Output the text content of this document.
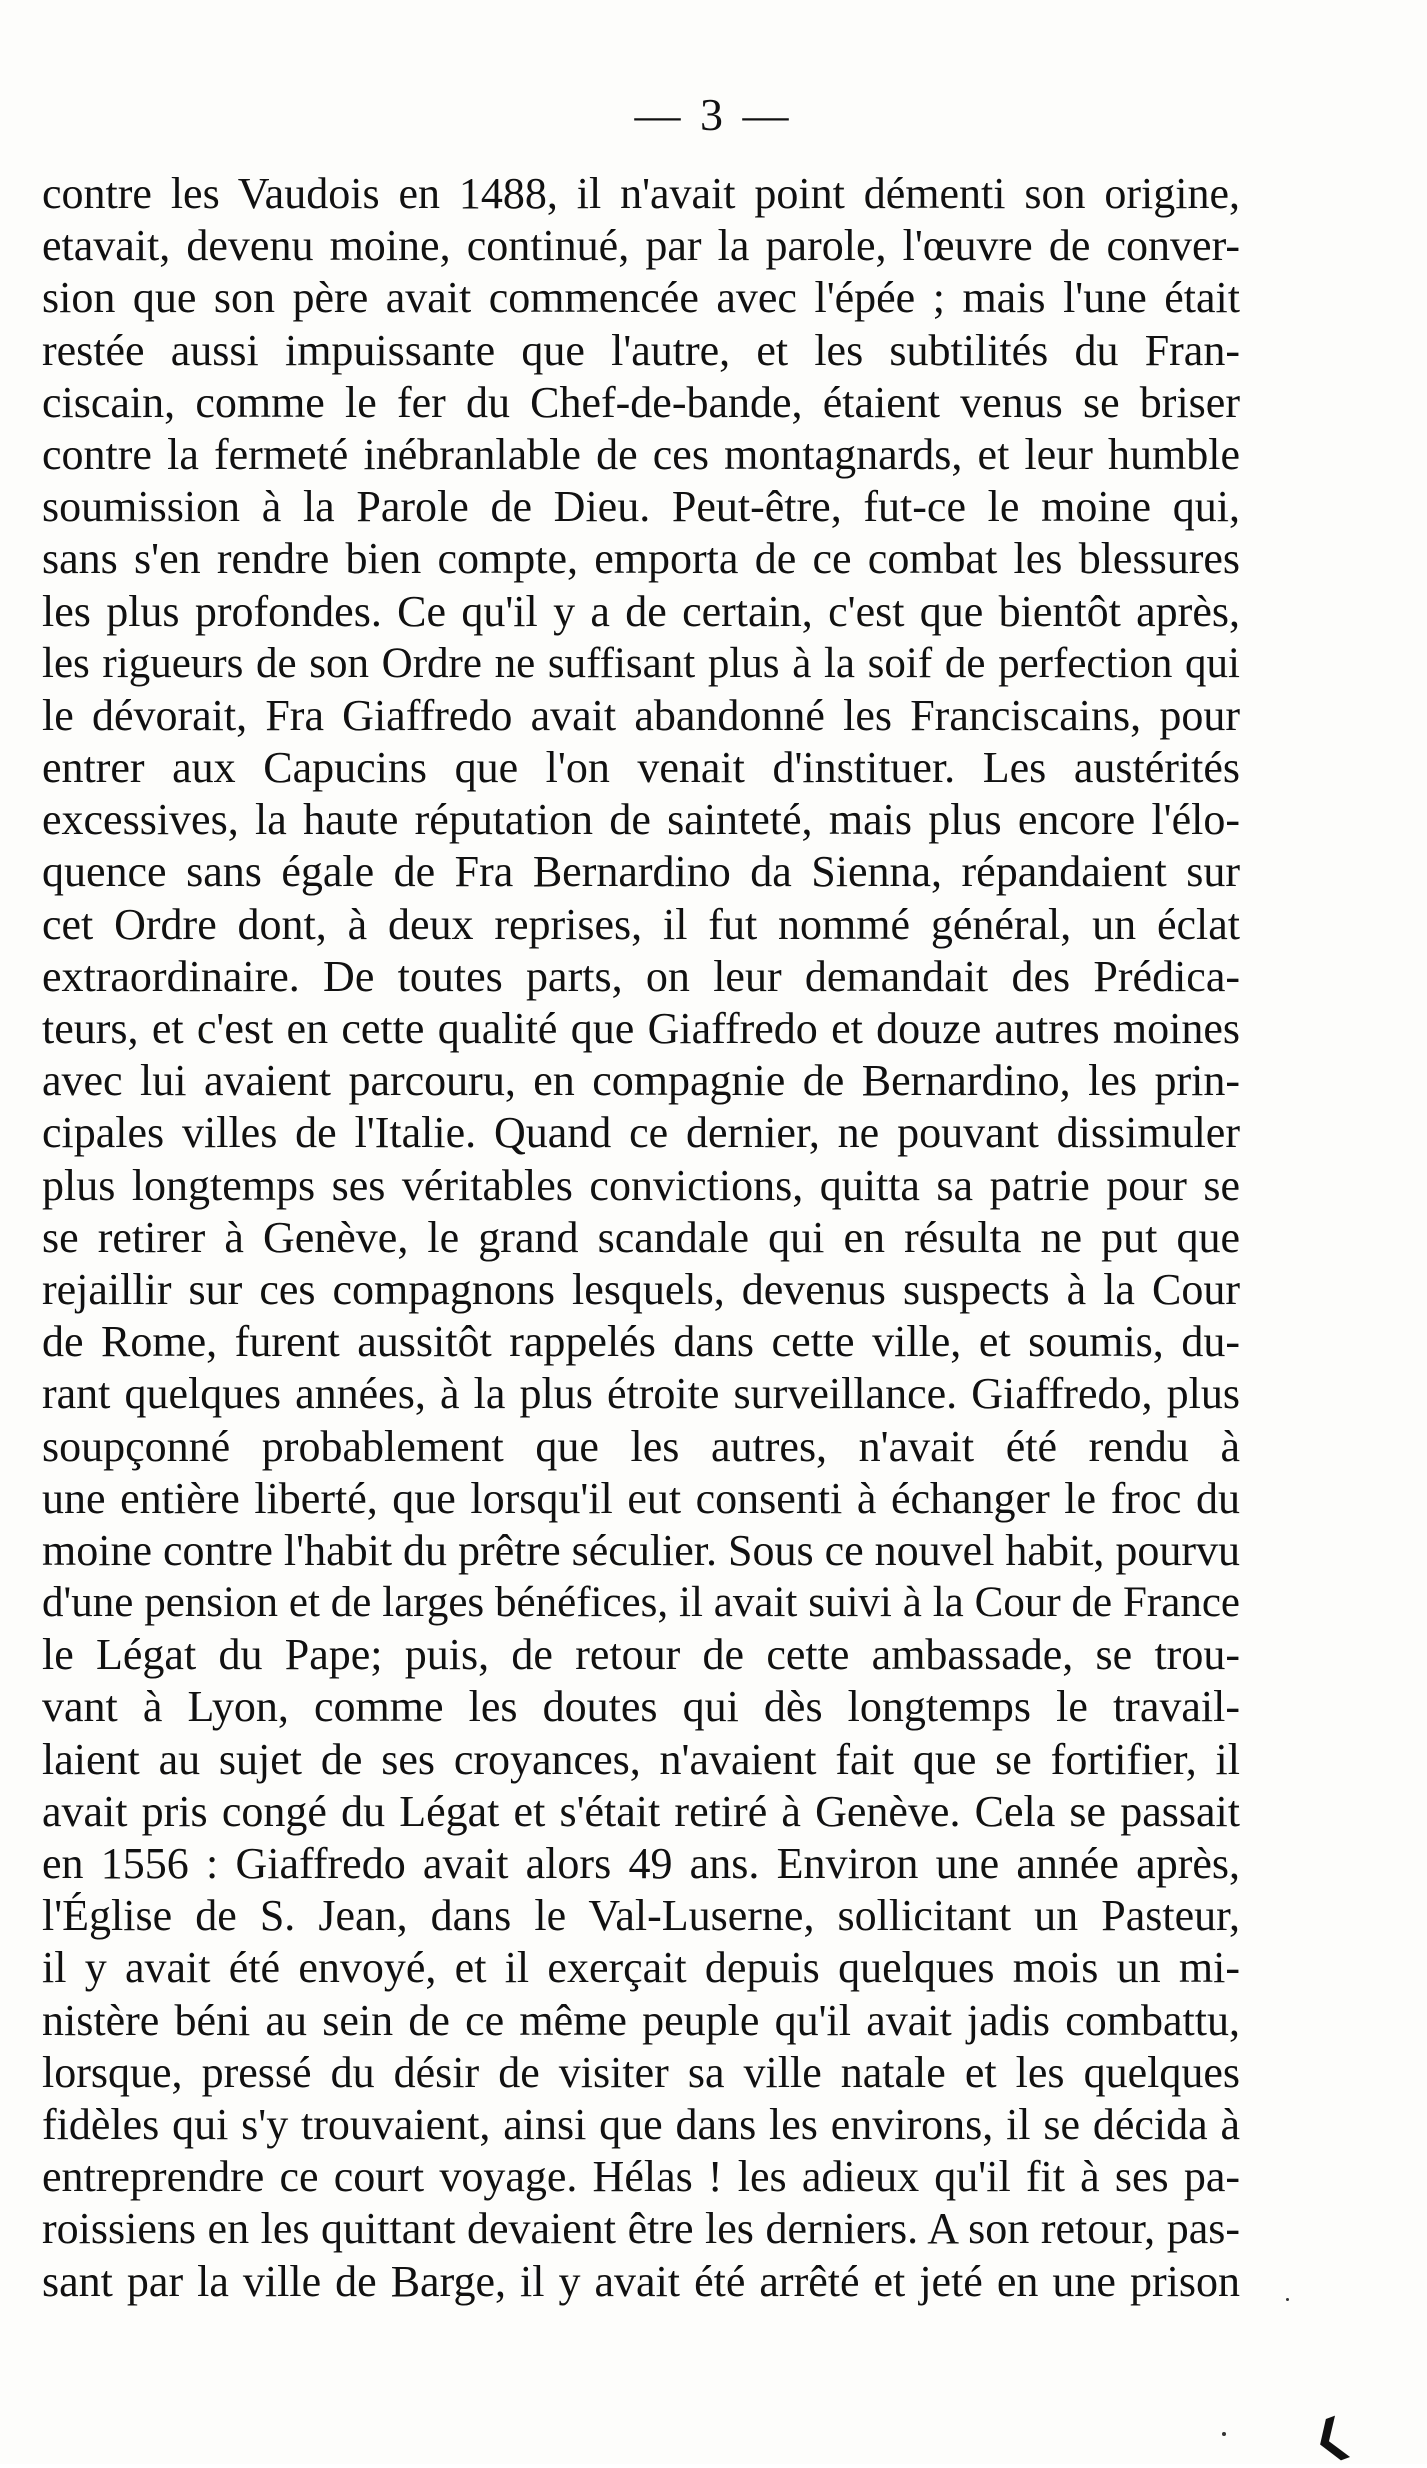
— 3 —
contre les Vaudois en 1488, il n'avait point démenti son origine,
etavait, devenu moine, continué, par la parole, l'œuvre de conver-
sion que son père avait commencée avec l'épée ; mais l'une était
restée aussi impuissante que l'autre, et les subtilités du Fran-
ciscain, comme le fer du Chef-de-bande, étaient venus se briser
contre la fermeté inébranlable de ces montagnards, et leur humble
soumission à la Parole de Dieu. Peut-être, fut-ce le moine qui,
sans s'en rendre bien compte, emporta de ce combat les blessures
les plus profondes. Ce qu'il y a de certain, c'est que bientôt après,
les rigueurs de son Ordre ne suffisant plus à la soif de perfection qui
le dévorait, Fra Giaffredo avait abandonné les Franciscains, pour
entrer aux Capucins que l'on venait d'instituer. Les austérités
excessives, la haute réputation de sainteté, mais plus encore l'élo-
quence sans égale de Fra Bernardino da Sienna, répandaient sur
cet Ordre dont, à deux reprises, il fut nommé général, un éclat
extraordinaire. De toutes parts, on leur demandait des Prédica-
teurs, et c'est en cette qualité que Giaffredo et douze autres moines
avec lui avaient parcouru, en compagnie de Bernardino, les prin-
cipales villes de l'Italie. Quand ce dernier, ne pouvant dissimuler
plus longtemps ses véritables convictions, quitta sa patrie pour se
se retirer à Genève, le grand scandale qui en résulta ne put que
rejaillir sur ces compagnons lesquels, devenus suspects à la Cour
de Rome, furent aussitôt rappelés dans cette ville, et soumis, du-
rant quelques années, à la plus étroite surveillance. Giaffredo, plus
soupçonné probablement que les autres, n'avait été rendu à
une entière liberté, que lorsqu'il eut consenti à échanger le froc du
moine contre l'habit du prêtre séculier. Sous ce nouvel habit, pourvu
d'une pension et de larges bénéfices, il avait suivi à la Cour de France
le Légat du Pape; puis, de retour de cette ambassade, se trou-
vant à Lyon, comme les doutes qui dès longtemps le travail-
laient au sujet de ses croyances, n'avaient fait que se fortifier, il
avait pris congé du Légat et s'était retiré à Genève. Cela se passait
en 1556 : Giaffredo avait alors 49 ans. Environ une année après,
l'Église de S. Jean, dans le Val-Luserne, sollicitant un Pasteur,
il y avait été envoyé, et il exerçait depuis quelques mois un mi-
nistère béni au sein de ce même peuple qu'il avait jadis combattu,
lorsque, pressé du désir de visiter sa ville natale et les quelques
fidèles qui s'y trouvaient, ainsi que dans les environs, il se décida à
entreprendre ce court voyage. Hélas ! les adieux qu'il fit à ses pa-
roissiens en les quittant devaient être les derniers. A son retour, pas-
sant par la ville de Barge, il y avait été arrêté et jeté en une prison
❮
